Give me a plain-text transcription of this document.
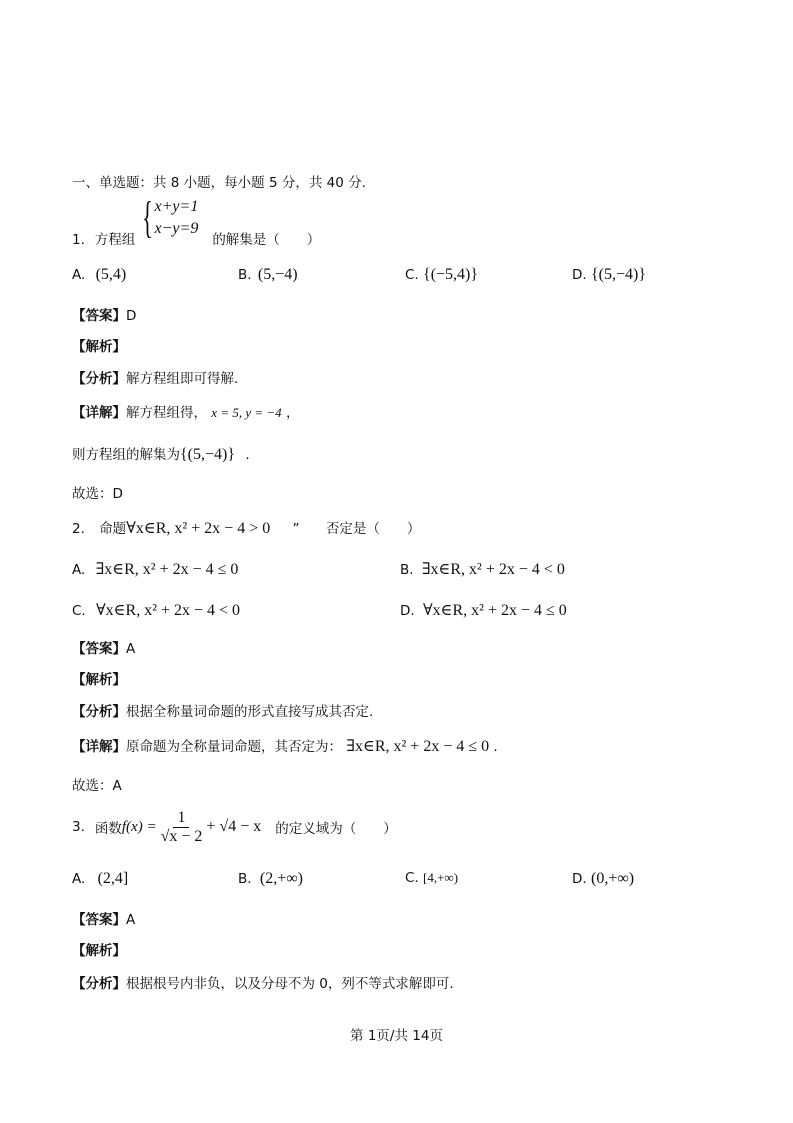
一、单选题：共 8 小题，每小题 5 分，共 40 分.
1. 方程组 { x+y=1
x−y=9
的解集是（　　）
A. (5,4)	B. (5,−4)	C. {(−5,4)}	D. {(5,−4)}
【答案】D
【解析】
【分析】解方程组即可得解.
【详解】解方程组得， x = 5, y = −4 ，
则方程组的解集为{(5,−4)} .
故选：D
2. 命题∀x∈R, x² + 2x − 4 > 0 ” 否定是（　　）
A. ∃x∈R, x² + 2x − 4 ≤ 0	B. ∃x∈R, x² + 2x − 4 < 0
C. ∀x∈R, x² + 2x − 4 < 0	D. ∀x∈R, x² + 2x − 4 ≤ 0
【答案】A
【解析】
【分析】根据全称量词命题的形式直接写成其否定.
【详解】原命题为全称量词命题，其否定为： ∃x∈R, x² + 2x − 4 ≤ 0 .
故选：A
3. 函数 $f(x) = \frac{1}{√x - 2} + √4 - x$ 的定义域为（　　）
A. (2,4]	B. (2,+∞)	C. [4,+∞)	D. (0,+∞)
【答案】A
【解析】
【分析】根据根号内非负，以及分母不为 0，列不等式求解即可.
第 1页/共 14页
